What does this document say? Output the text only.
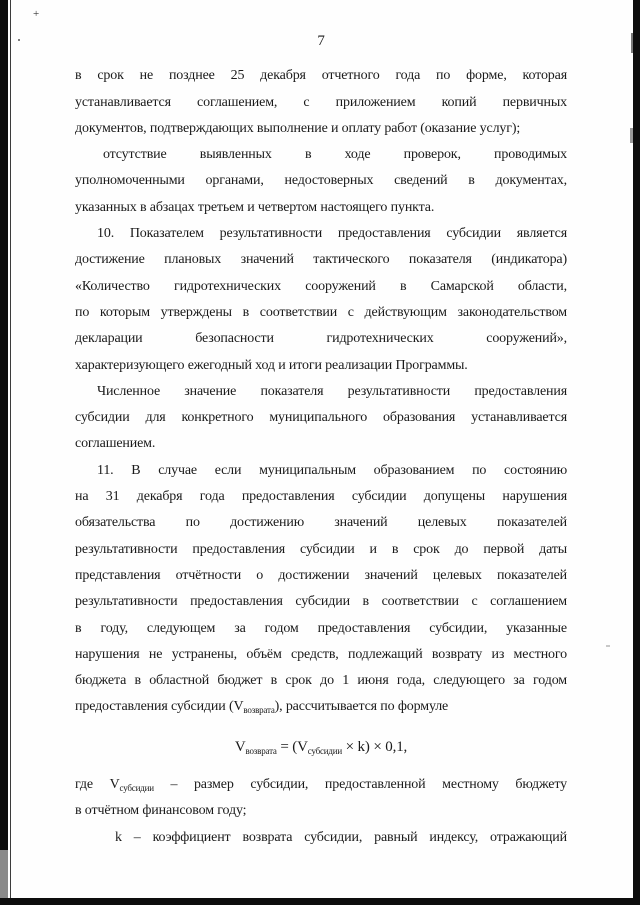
+
7
в срок не позднее 25 декабря отчетного года по форме, которая
устанавливается соглашением, с приложением копий первичных
документов, подтверждающих выполнение и оплату работ (оказание услуг);
отсутствие выявленных в ходе проверок, проводимых
уполномоченными органами, недостоверных сведений в документах,
указанных в абзацах третьем и четвертом настоящего пункта.
10. Показателем результативности предоставления субсидии является
достижение плановых значений тактического показателя (индикатора)
«Количество гидротехнических сооружений в Самарской области,
по которым утверждены в соответствии с действующим законодательством
декларации безопасности гидротехнических сооружений»,
характеризующего ежегодный ход и итоги реализации Программы.
Численное значение показателя результативности предоставления
субсидии для конкретного муниципального образования устанавливается
соглашением.
11. В случае если муниципальным образованием по состоянию
на 31 декабря года предоставления субсидии допущены нарушения
обязательства по достижению значений целевых показателей
результативности предоставления субсидии и в срок до первой даты
представления отчётности о достижении значений целевых показателей
результативности предоставления субсидии в соответствии с соглашением
в году, следующем за годом предоставления субсидии, указанные
нарушения не устранены, объём средств, подлежащий возврату из местного
бюджета в областной бюджет в срок до 1 июня года, следующего за годом
предоставления субсидии $(V_{возврата})$, рассчитывается по формуле
$V_{возврата} = (V_{субсидии} \times k) \times 0,1$,
где $V_{субсидии}$ – размер субсидии, предоставленной местному бюджету
в отчётном финансовом году;
k – коэффициент возврата субсидии, равный индексу, отражающий
